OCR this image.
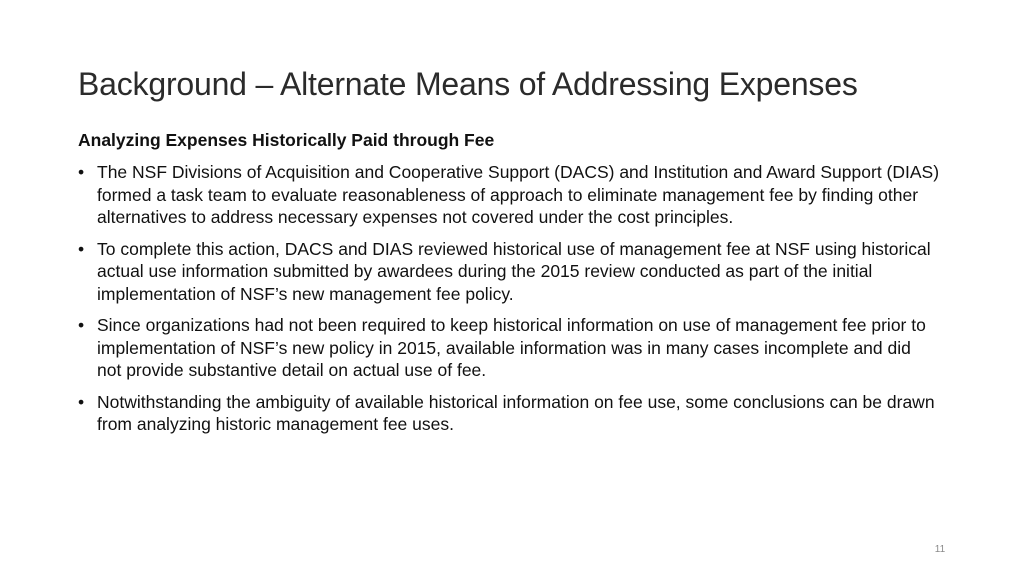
Background – Alternate Means of Addressing Expenses
Analyzing Expenses Historically Paid through Fee
• The NSF Divisions of Acquisition and Cooperative Support (DACS) and Institution and Award Support (DIAS) formed a task team to evaluate reasonableness of approach to eliminate management fee by finding other alternatives to address necessary expenses not covered under the cost principles.
• To complete this action, DACS and DIAS reviewed historical use of management fee at NSF using historical actual use information submitted by awardees during the 2015 review conducted as part of the initial implementation of NSF’s new management fee policy.
• Since organizations had not been required to keep historical information on use of management fee prior to implementation of NSF’s new policy in 2015, available information was in many cases incomplete and did not provide substantive detail on actual use of fee.
• Notwithstanding the ambiguity of available historical information on fee use, some conclusions can be drawn from analyzing historic management fee uses.
11
